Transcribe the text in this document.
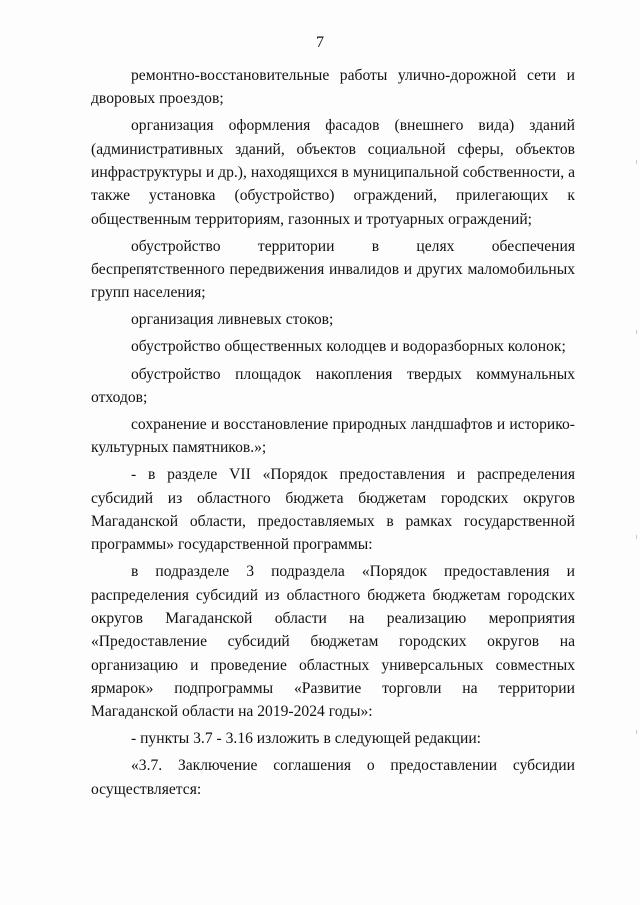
7

ремонтно-восстановительные работы улично-дорожной сети и дворовых проездов;

организация оформления фасадов (внешнего вида) зданий (административных зданий, объектов социальной сферы, объектов инфраструктуры и др.), находящихся в муниципальной собственности, а также установка (обустройство) ограждений, прилегающих к общественным территориям, газонных и тротуарных ограждений;

обустройство территории в целях обеспечения беспрепятственного передвижения инвалидов и других маломобильных групп населения;

организация ливневых стоков;

обустройство общественных колодцев и водоразборных колонок;

обустройство площадок накопления твердых коммунальных отходов;

сохранение и восстановление природных ландшафтов и историко-культурных памятников.»;

- в разделе VII «Порядок предоставления и распределения субсидий из областного бюджета бюджетам городских округов Магаданской области, предоставляемых в рамках государственной программы» государственной программы:

в подразделе 3 подраздела «Порядок предоставления и распределения субсидий из областного бюджета бюджетам городских округов Магаданской области на реализацию мероприятия «Предоставление субсидий бюджетам городских округов на организацию и проведение областных универсальных совместных ярмарок» подпрограммы «Развитие торговли на территории Магаданской области на 2019-2024 годы»:

- пункты 3.7 - 3.16 изложить в следующей редакции:

«3.7. Заключение соглашения о предоставлении субсидии осуществляется:
